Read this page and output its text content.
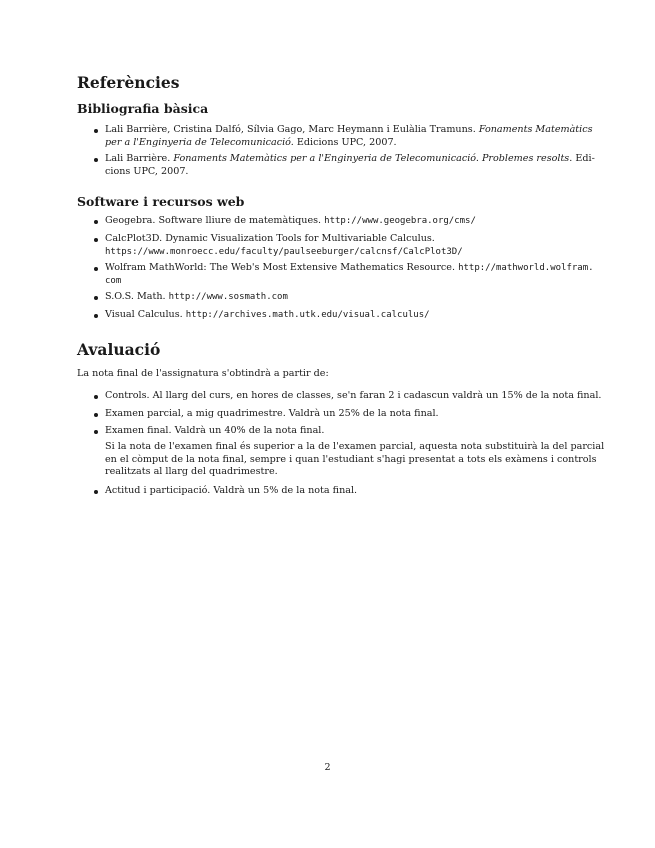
Referències
Bibliografia bàsica
Lali Barrière, Cristina Dalfó, Sílvia Gago, Marc Heymann i Eulàlia Tramuns. Fonaments Matemàtics
per a l'Enginyeria de Telecomunicació. Edicions UPC, 2007.
Lali Barrière. Fonaments Matemàtics per a l'Enginyeria de Telecomunicació. Problemes resolts. Edi-
cions UPC, 2007.
Software i recursos web
Geogebra. Software lliure de matemàtiques. http://www.geogebra.org/cms/
CalcPlot3D. Dynamic Visualization Tools for Multivariable Calculus.
https://www.monroecc.edu/faculty/paulseeburger/calcnsf/CalcPlot3D/
Wolfram MathWorld: The Web's Most Extensive Mathematics Resource. http://mathworld.wolfram.
com
S.O.S. Math. http://www.sosmath.com
Visual Calculus. http://archives.math.utk.edu/visual.calculus/
Avaluació
La nota final de l'assignatura s'obtindrà a partir de:
Controls. Al llarg del curs, en hores de classes, se'n faran 2 i cadascun valdrà un 15% de la nota final.
Examen parcial, a mig quadrimestre. Valdrà un 25% de la nota final.
Examen final. Valdrà un 40% de la nota final.
Si la nota de l'examen final és superior a la de l'examen parcial, aquesta nota substituirà la del parcial
en el còmput de la nota final, sempre i quan l'estudiant s'hagi presentat a tots els exàmens i controls
realitzats al llarg del quadrimestre.
Actitud i participació. Valdrà un 5% de la nota final.
2
